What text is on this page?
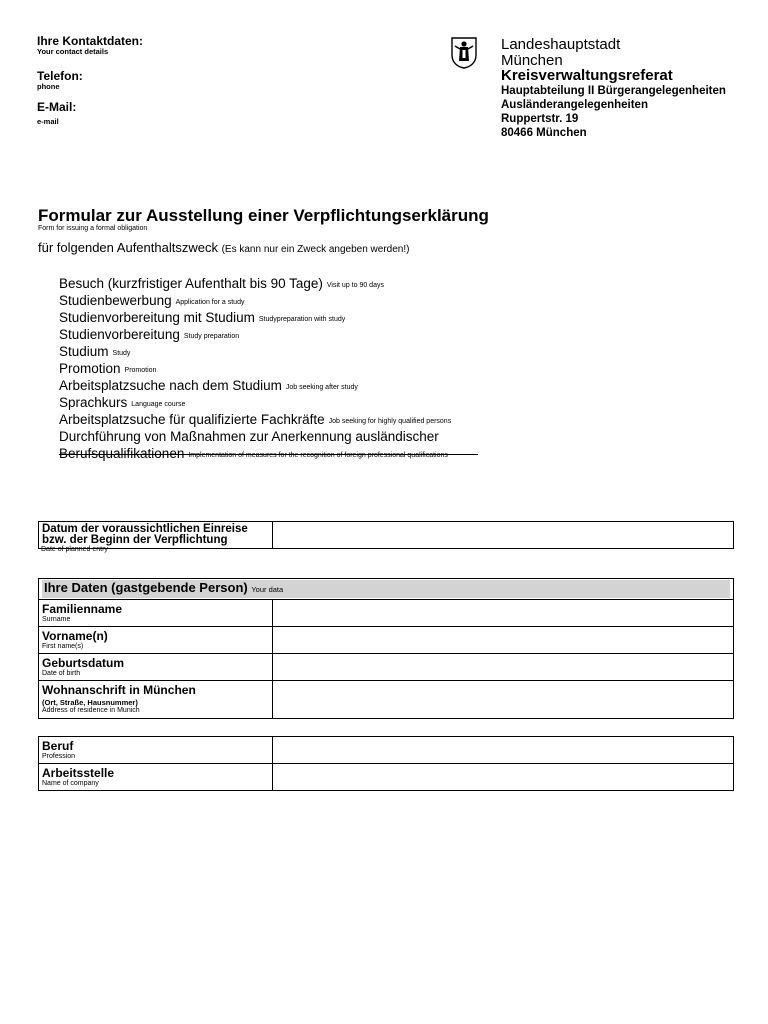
Ihre Kontaktdaten:
Your contact details
Telefon:
phone
E-Mail:
e-mail
Landeshauptstadt
München
Kreisverwaltungsreferat
Hauptabteilung II Bürgerangelegenheiten
Ausländerangelegenheiten
Ruppertstr. 19
80466 München
Formular zur Ausstellung einer Verpflichtungserklärung
Form for issuing a formal obligation
für folgenden Aufenthaltszweck (Es kann nur ein Zweck angeben werden!)
Besuch (kurzfristiger Aufenthalt bis 90 Tage) Visit up to 90 days
Studienbewerbung Application for a study
Studienvorbereitung mit Studium Studypreparation with study
Studienvorbereitung Study preparation
Studium Study
Promotion Promotion
Arbeitsplatzsuche nach dem Studium Job seeking after study
Sprachkurs Language course
Arbeitsplatzsuche für qualifizierte Fachkräfte Job seeking for highly qualified persons
Durchführung von Maßnahmen zur Anerkennung ausländischer
Berufsqualifikationen Implementation of measures for the recognition of foreign professional qualifications
Datum der voraussichtlichen Einreise
bzw. der Beginn der Verpflichtung

Date of planned entry
Ihre Daten (gastgebende Person) Your data	

Familienname
Surname	

Vorname(n)
First name(s)	

Geburtsdatum
Date of birth	

Wohnanschrift in München
(Ort, Straße, Hausnummer)
Address of residence in Munich	

Beruf
Profession	

Arbeitsstelle
Name of company	
